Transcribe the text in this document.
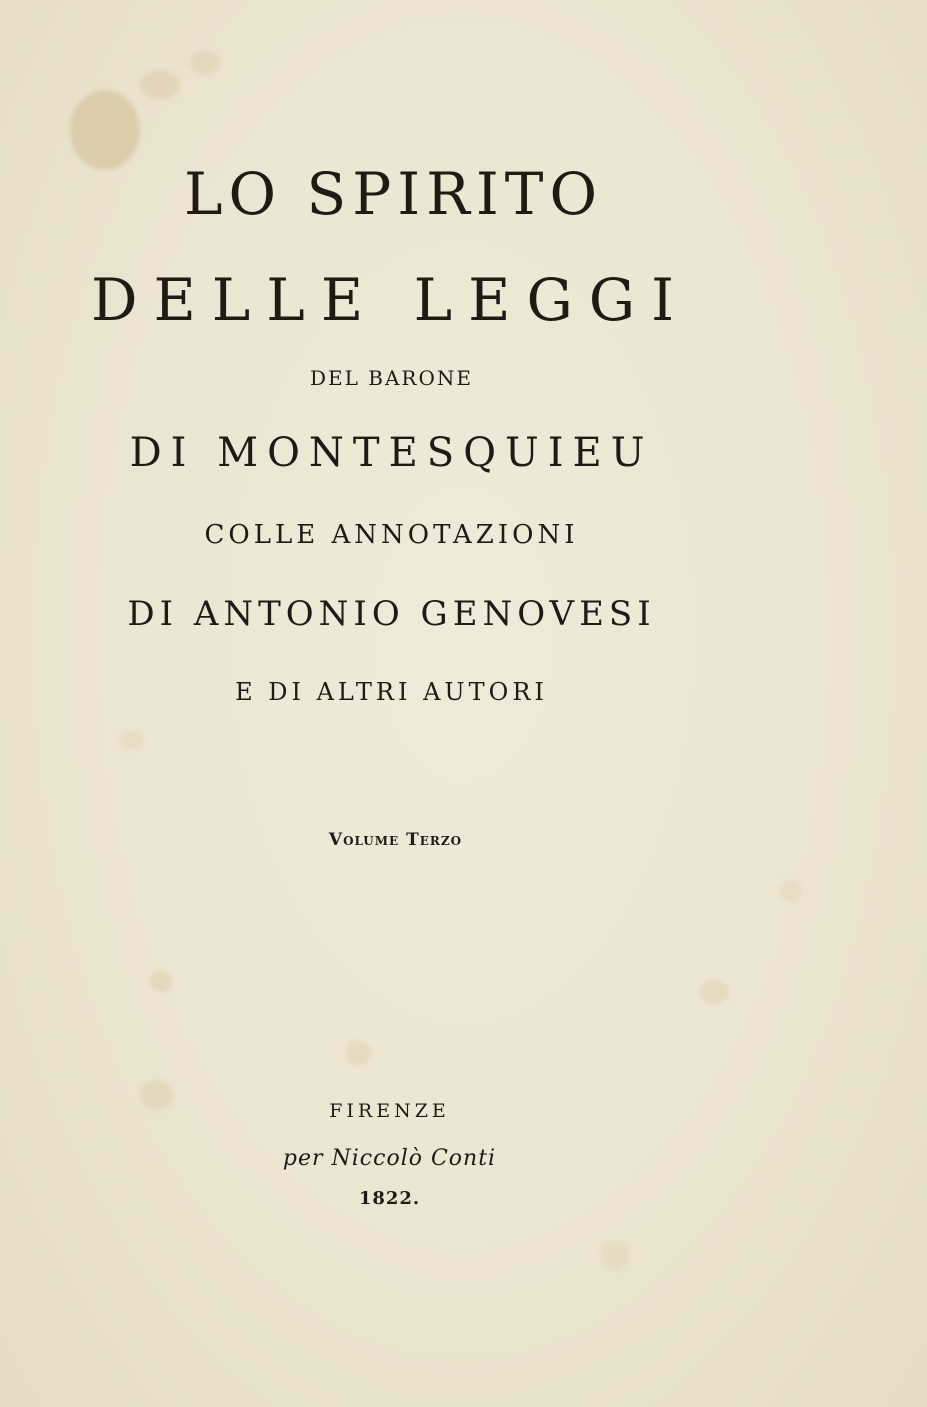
LO SPIRITO
DELLE LEGGI
DEL BARONE
DI MONTESQUIEU
COLLE ANNOTAZIONI
DI ANTONIO GENOVESI
E DI ALTRI AUTORI
Volume Terzo
FIRENZE
per Niccolò Conti
1822.
